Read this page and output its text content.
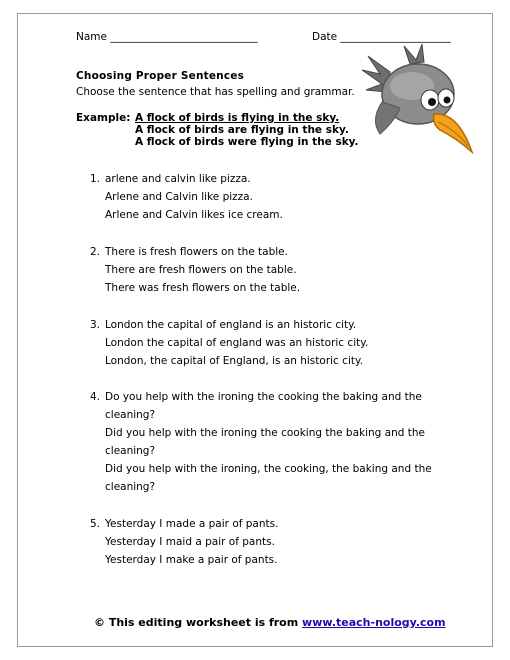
Name ____________________________	Date _____________________
Choosing Proper Sentences
Choose the sentence that has spelling and grammar.
Example: A flock of birds is flying in the sky.
A flock of birds are flying in the sky.
A flock of birds were flying in the sky.
1. arlene and calvin like pizza.
Arlene and Calvin like pizza.
Arlene and Calvin likes ice cream.
2. There is fresh flowers on the table.
There are fresh flowers on the table.
There was fresh flowers on the table.
3. London the capital of england is an historic city.
London the capital of england was an historic city.
London, the capital of England, is an historic city.
4. Do you help with the ironing the cooking the baking and the
cleaning?
Did you help with the ironing the cooking the baking and the
cleaning?
Did you help with the ironing, the cooking, the baking and the
cleaning?
5. Yesterday I made a pair of pants.
Yesterday I maid a pair of pants.
Yesterday I make a pair of pants.
© This editing worksheet is from www.teach-nology.com
